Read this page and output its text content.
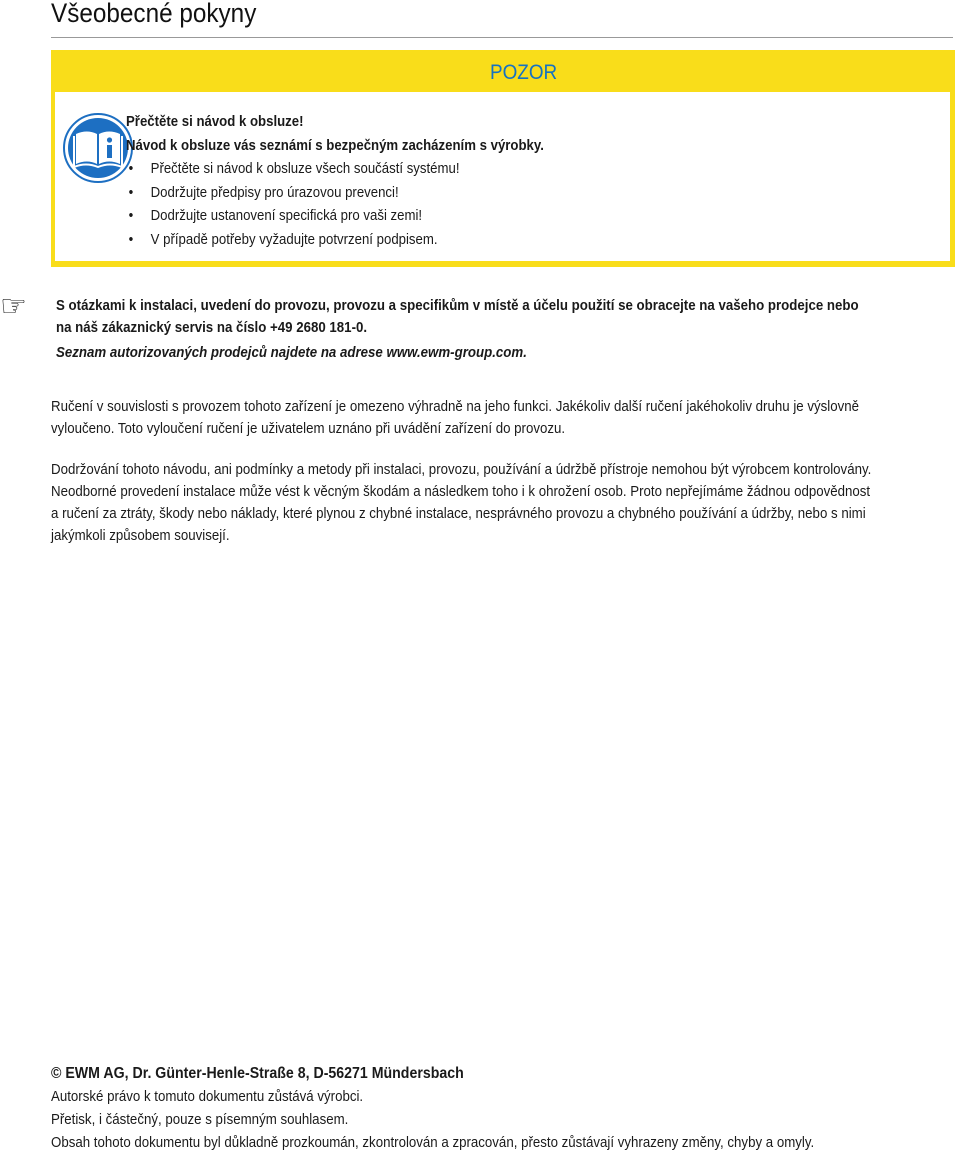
Všeobecné pokyny
POZOR
Přečtěte si návod k obsluze!
Návod k obsluze vás seznámí s bezpečným zacházením s výrobky.
• Přečtěte si návod k obsluze všech součástí systému!
• Dodržujte předpisy pro úrazovou prevenci!
• Dodržujte ustanovení specifická pro vaši zemi!
• V případě potřeby vyžadujte potvrzení podpisem.
☞ S otázkami k instalaci, uvedení do provozu, provozu a specifikům v místě a účelu použití se obracejte na vašeho prodejce nebo
na náš zákaznický servis na číslo +49 2680 181-0.
Seznam autorizovaných prodejců najdete na adrese www.ewm-group.com.

Ručení v souvislosti s provozem tohoto zařízení je omezeno výhradně na jeho funkci. Jakékoliv další ručení jakéhokoliv druhu je výslovně
vyloučeno. Toto vyloučení ručení je uživatelem uznáno při uvádění zařízení do provozu.

Dodržování tohoto návodu, ani podmínky a metody při instalaci, provozu, používání a údržbě přístroje nemohou být výrobcem kontrolovány.
Neodborné provedení instalace může vést k věcným škodám a následkem toho i k ohrožení osob. Proto nepřejímáme žádnou odpovědnost
a ručení za ztráty, škody nebo náklady, které plynou z chybné instalace, nesprávného provozu a chybného používání a údržby, nebo s nimi
jakýmkoli způsobem souvisejí.

© EWM AG, Dr. Günter-Henle-Straße 8, D-56271 Mündersbach
Autorské právo k tomuto dokumentu zůstává výrobci.
Přetisk, i částečný, pouze s písemným souhlasem.
Obsah tohoto dokumentu byl důkladně prozkoumán, zkontrolován a zpracován, přesto zůstávají vyhrazeny změny, chyby a omyly.
